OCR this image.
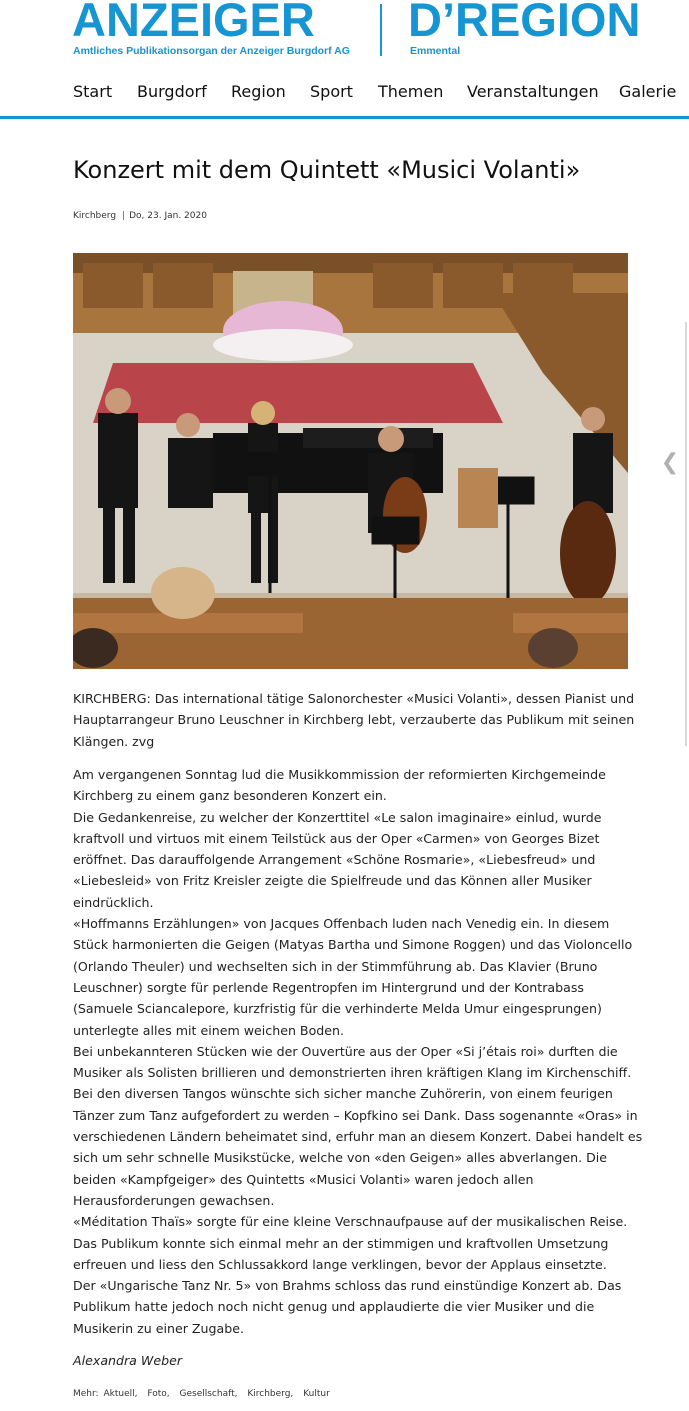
ANZEIGER
Amtliches Publikationsorgan der Anzeiger Burgdorf AG
D’REGION
Emmental
Start Burgdorf Region Sport Themen Veranstaltungen Galerie
Konzert mit dem Quintett «Musici Volanti»
Kirchberg | Do, 23. Jan. 2020
❮
KIRCHBERG: Das international tätige Salonorchester «Musici Volanti», dessen Pianist und Hauptarrangeur Bruno Leuschner in Kirchberg lebt, verzauberte das Publikum mit seinen Klängen. zvg

Am vergangenen Sonntag lud die Musikkommission der reformierten Kirchgemeinde Kirchberg zu einem ganz besonderen Konzert ein.

Die Gedankenreise, zu welcher der Konzerttitel «Le salon imaginaire» einlud, wurde kraftvoll und virtuos mit einem Teilstück aus der Oper «Carmen» von Georges Bizet eröffnet. Das darauffolgende Arrangement «Schöne Rosmarie», «Liebesfreud» und «Liebesleid» von Fritz Kreisler zeigte die Spielfreude und das Können aller Musiker eindrücklich.

«Hoffmanns Erzählungen» von Jacques Offenbach luden nach Venedig ein. In diesem Stück harmonierten die Geigen (Matyas Bartha und Simone Roggen) und das Violoncello (Orlando Theuler) und wechselten sich in der Stimmführung ab. Das Klavier (Bruno Leuschner) sorgte für perlende Regentropfen im Hintergrund und der Kontrabass (Samuele Sciancalepore, kurzfristig für die verhinderte Melda Umur eingesprungen) unterlegte alles mit einem weichen Boden.

Bei unbekannteren Stücken wie der Ouvertüre aus der Oper «Si j’étais roi» durften die Musiker als Solisten brillieren und demonstrierten ihren kräftigen Klang im Kirchenschiff.

Bei den diversen Tangos wünschte sich sicher manche Zuhörerin, von einem feurigen Tänzer zum Tanz aufgefordert zu werden – Kopfkino sei Dank. Dass sogenannte «Oras» in verschiedenen Ländern beheimatet sind, erfuhr man an diesem Konzert. Dabei handelt es sich um sehr schnelle Musikstücke, welche von «den Geigen» alles abverlangen. Die beiden «Kampfgeiger» des Quintetts «Musici Volanti» waren jedoch allen Herausforderungen gewachsen.

«Méditation Thaïs» sorgte für eine kleine Verschnaufpause auf der musikalischen Reise. Das Publikum konnte sich einmal mehr an der stimmigen und kraftvollen Umsetzung erfreuen und liess den Schlussakkord lange verklingen, bevor der Applaus einsetzte.

Der «Ungarische Tanz Nr. 5» von Brahms schloss das rund einstündige Konzert ab. Das Publikum hatte jedoch noch nicht genug und applaudierte die vier Musiker und die Musikerin zu einer Zugabe.

Alexandra Weber
Mehr: Aktuell, Foto, Gesellschaft, Kirchberg, Kultur
